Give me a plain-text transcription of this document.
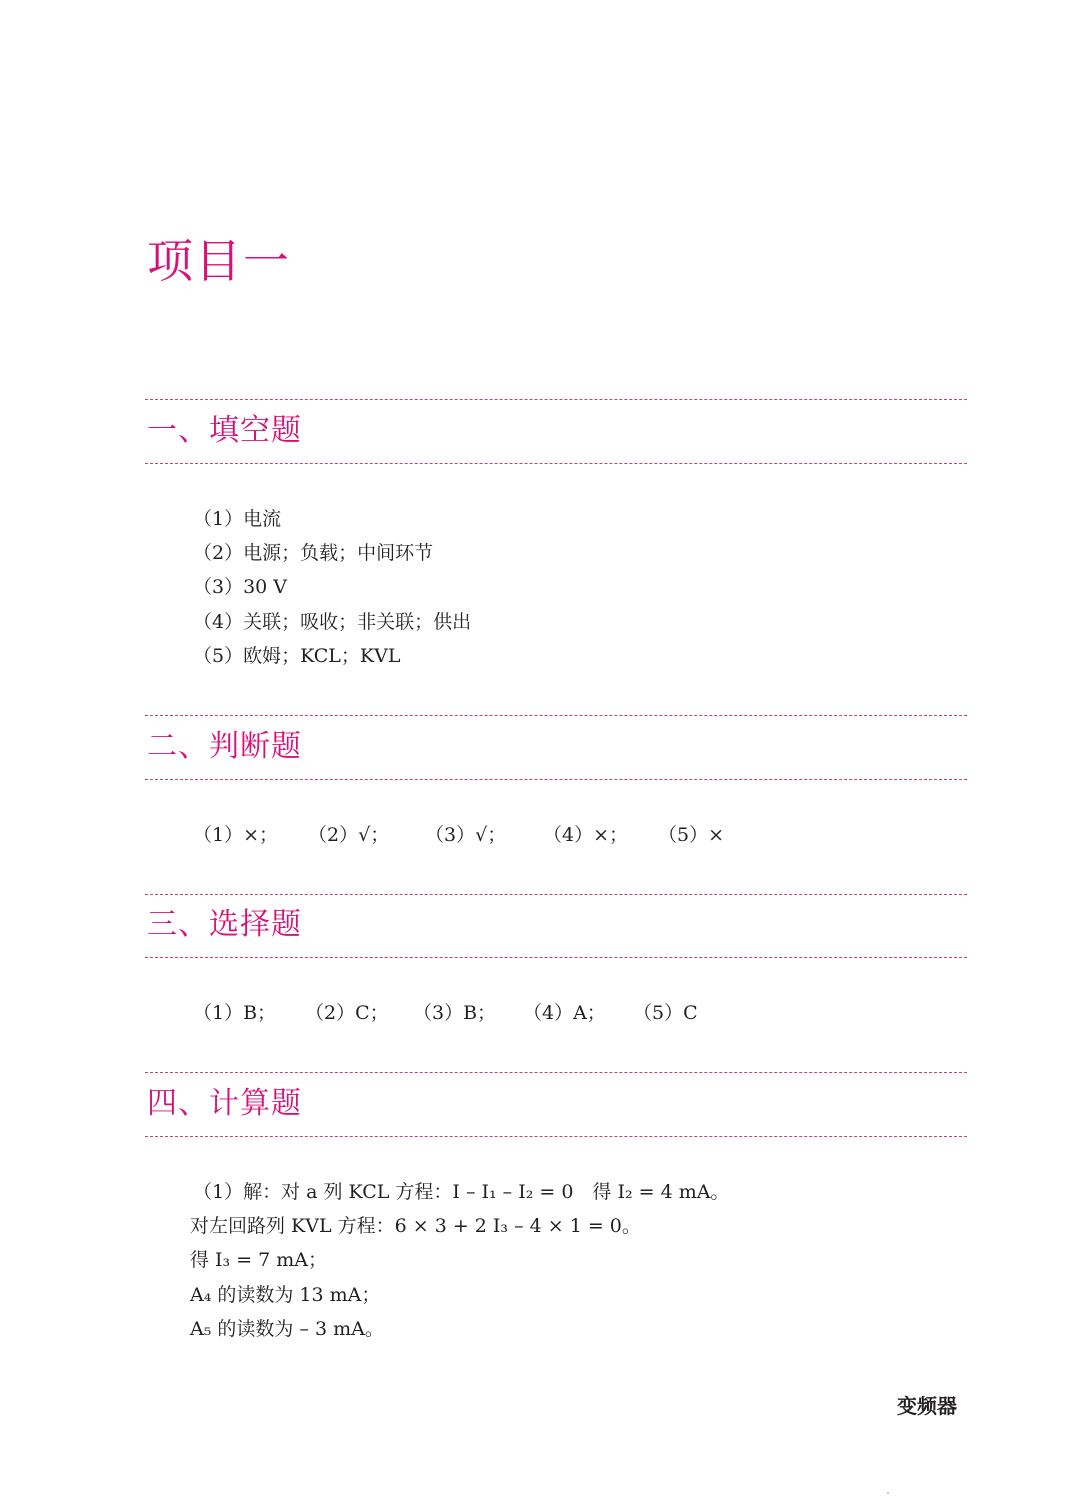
项目一
一、填空题
（1）电流
（2）电源；负载；中间环节
（3）30 V
（4）关联；吸收；非关联；供出
（5）欧姆；KCL；KVL
二、判断题
（1）×； （2）√； （3）√； （4）×； （5）×
三、选择题
（1）B； （2）C； （3）B； （4）A； （5）C
四、计算题
（1）解：对 a 列 KCL 方程：I – I₁ – I₂ = 0　得 I₂ = 4 mA。
对左回路列 KVL 方程：6 × 3 + 2 I₃ – 4 × 1 = 0。
得 I₃ = 7 mA；
A₄ 的读数为 13 mA；
A₅ 的读数为 – 3 mA。
变频器
